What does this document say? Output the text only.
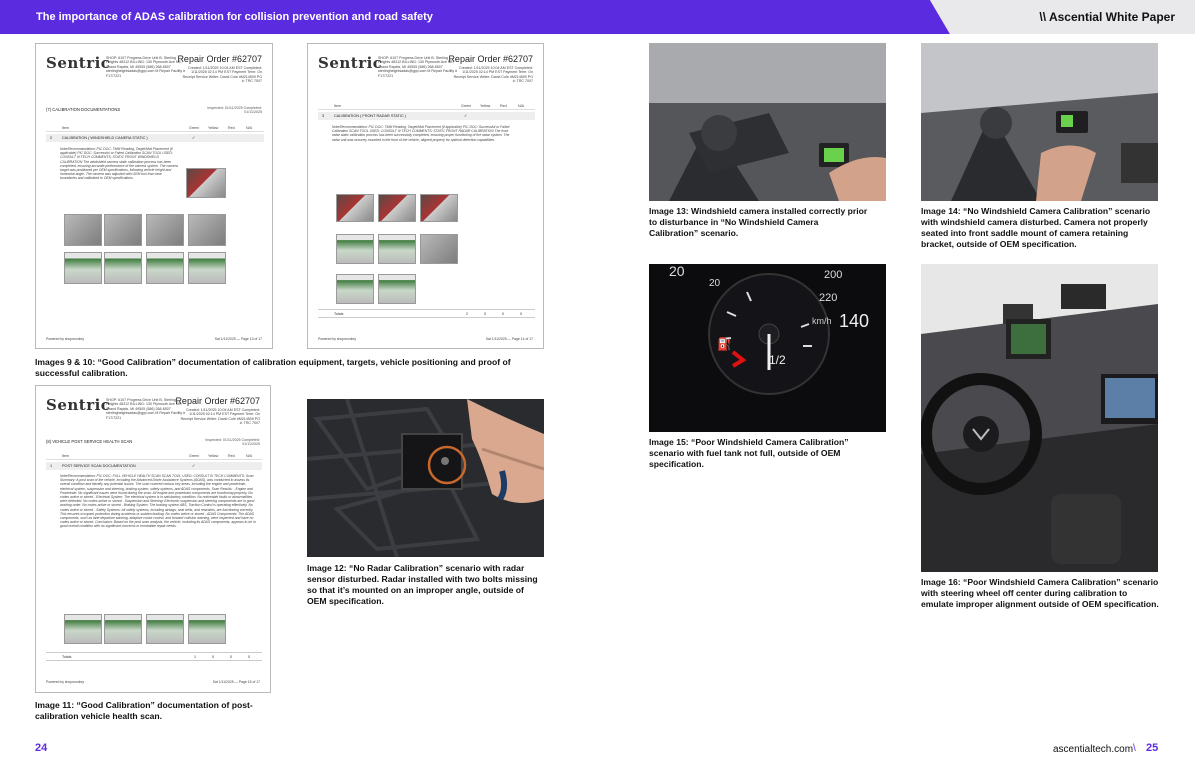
The importance of ADAS calibration for collision prevention and road safety	\\ Ascential White Paper
Sentric
SHOP: 6107 Progress Drive Unit B, Sterling Heights 48312 BILLING: 130 Plymouth Ave NE, Grand Rapids, MI 49505 (586) 268-6507 sterlingheightsadas@gpp.com M Repair Facility # F17/7221
Repair Order #62707
Created: 1/11/2025 10:04 AM EST Completed: 1/11/2025 02:14 PM EST Payment Term: On Receipt Service Writer: David Cole #M214509 PO #: TRC 7007
(7) CALIBRATION DOCUMENTATIONS	Inspected: 01/11/2025 Completed: 01/11/2025
Item	Green	Yellow	Red	N/A
2	CALIBRATION ( WINDSHIELD CAMERA STATIC )	✓
Note/Recommendation: PIC DOC: TMM Reading, Target/Mat Placement (if applicable) PIC DOC: Successful or Failed Calibration SCAN TOOL USED: CONSULT III TECH COMMENTS: STATIC FRONT WINDSHIELD CALIBRATION The windshield camera static calibration process has been completed, ensuring accurate performance of the camera system. The camera target was positioned per OEM specifications, following vehicle height and horizontal angle. The camera was adjusted with OEM tool from lane boundaries and calibrated to OEM specifications.
Powered by shopmonkey	Sat 1/11/2025 — Page 13 of 17
Sentric
SHOP: 6107 Progress Drive Unit B, Sterling Heights 48312 BILLING: 130 Plymouth Ave NE, Grand Rapids, MI 49505 (586) 268-6507 sterlingheightsadas@gpp.com M Repair Facility # F17/7221
Repair Order #62707
Created: 1/11/2025 10:04 AM EST Completed: 1/11/2025 02:14 PM EST Payment Term: On Receipt Service Writer: David Cole #M214509 PO #: TRC 7007
Item	Green	Yellow	Red	N/A
3	CALIBRATION ( FRONT RADAR STATIC )	✓
Note/Recommendation: PIC DOC: TMM Reading, Target/Mat Placement (if applicable) PIC DOC: Successful or Failed Calibration SCAN TOOL USED: CONSULT III TECH COMMENTS: STATIC FRONT RADAR CALIBRATION The front radar static calibration process has been successfully completed, ensuring proper functioning of the radar system. The radar unit was securely mounted in the front of the vehicle, aligned properly for optimal detection capabilities.
Totals	2	0	0	0
Powered by shopmonkey	Sat 1/11/2025 — Page 14 of 17
Images 9 & 10: “Good Calibration” documentation of calibration equipment, targets, vehicle positioning and proof of successful calibration.
Sentric
SHOP: 6107 Progress Drive Unit B, Sterling Heights 48312 BILLING: 130 Plymouth Ave NE, Grand Rapids, MI 49505 (586) 268-6507 sterlingheightsadas@gpp.com M Repair Facility # F17/7221
Repair Order #62707
Created: 1/11/2025 10:04 AM EST Completed: 1/11/2025 02:14 PM EST Payment Term: On Receipt Service Writer: David Cole #M214509 PO #: TRC 7007
(8) VEHICLE POST SERVICE HEALTH SCAN	Inspected: 01/11/2025 Completed: 01/11/2025
Item	Green	Yellow	Red	N/A
1	POST SERVICE SCAN DOCUMENTATION	✓
Note/Recommendation: PIC DOC: FULL VEHICLE HEALTH SCAN SCAN TOOL USED: CONSULT III TECH COMMENTS: Scan Summary: A post scan of the vehicle, including the Advanced Driver Assistance Systems (ADAS), was conducted to assess its overall condition and identify any potential issues. The scan covered various key areas, including the engine and powertrain, electrical system, suspension and steering, braking system, safety systems, and ADAS components. Scan Results: - Engine and Powertrain: No significant issues were found during the scan. All engine and powertrain components are functioning properly. No codes active or stored - Electrical System: The electrical system is in satisfactory condition. No noticeable faults or abnormalities were detected. No codes active or stored - Suspension and Steering: Electronic suspension and steering components are in good working order. No codes active or stored - Braking System: The braking system ABS, Traction Control is operating effectively. No codes active or stored - Safety Systems: All safety systems, including airbags, seat belts, and restraints, are functioning correctly. This ensures occupant protection during accidents or sudden braking. No codes active or stored - ADAS Components: The ADAS components, such as lane departure warning, adaptive cruise control, and forward collision warning, were inspected and have no codes active or stored. Conclusion: Based on the post scan analysis, the vehicle, including its ADAS components, appears to be in good overall condition with no significant concerns or immediate repair needs.
Totals	1	0	0	0
Powered by shopmonkey	Sat 1/11/2025 — Page 15 of 17
Image 11: “Good Calibration” documentation of post-calibration vehicle health scan.
Image 12: “No Radar Calibration” scenario with radar sensor disturbed. Radar installed with two bolts missing so that it’s mounted on an improper angle, outside of OEM specification.
Image 13: Windshield camera installed correctly prior to disturbance in “No Windshield Camera Calibration” scenario.
Image 14: “No Windshield Camera Calibration” scenario with windshield camera disturbed. Camera not properly seated into front saddle mount of camera retaining bracket, outside of OEM specification.
20
20
200
220
140
km/h
1/2
⛽
Image 15: “Poor Windshield Camera Calibration” scenario with fuel tank not full, outside of OEM specification.
Image 16: “Poor Windshield Camera Calibration” scenario with steering wheel off center during calibration to emulate improper alignment outside of OEM specification.
24	ascentialtech.com \ 25
